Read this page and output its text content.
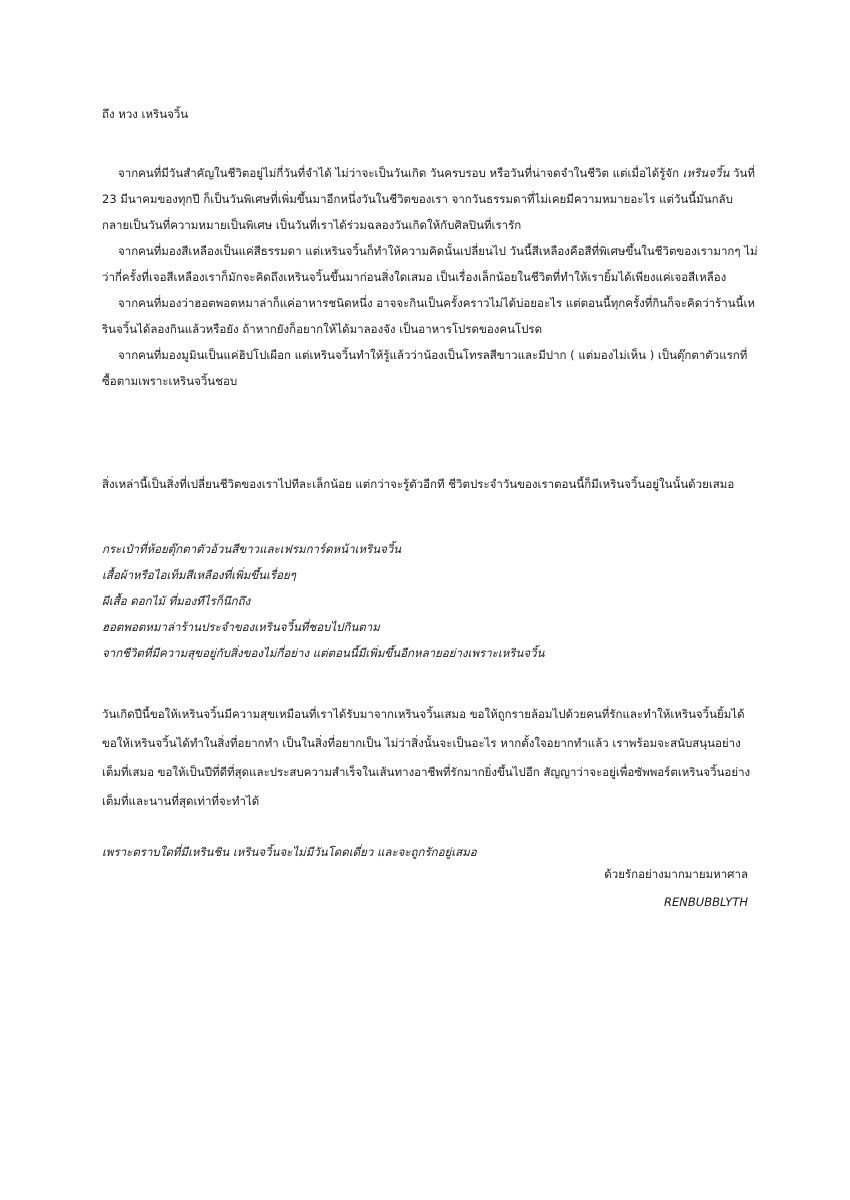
ถึง หวง เหรินจวิ้น

จากคนที่มีวันสำคัญในชีวิตอยู่ไม่กี่วันที่จำได้ ไม่ว่าจะเป็นวันเกิด วันครบรอบ หรือวันที่น่าจดจำในชีวิต แต่เมื่อได้รู้จัก เหรินจวิ้น วันที่ 23 มีนาคมของทุกปี ก็เป็นวันพิเศษที่เพิ่มขึ้นมาอีกหนึ่งวันในชีวิตของเรา จากวันธรรมดาที่ไม่เคยมีความหมายอะไร แต่วันนี้มันกลับกลายเป็นวันที่ความหมายเป็นพิเศษ เป็นวันที่เราได้ร่วมฉลองวันเกิดให้กับศิลปินที่เรารัก

จากคนที่มองสีเหลืองเป็นแค่สีธรรมดา แต่เหรินจวิ้นก็ทำให้ความคิดนั้นเปลี่ยนไป วันนี้สีเหลืองคือสีที่พิเศษขึ้นในชีวิตของเรามากๆ ไม่ว่ากี่ครั้งที่เจอสีเหลืองเราก็มักจะคิดถึงเหรินจวิ้นขึ้นมาก่อนสิ่งใดเสมอ เป็นเรื่องเล็กน้อยในชีวิตที่ทำให้เรายิ้มได้เพียงแค่เจอสีเหลือง

จากคนที่มองว่าฮอตพอตหมาล่าก็แค่อาหารชนิดหนึ่ง อาจจะกินเป็นครั้งคราวไม่ได้บ่อยอะไร แต่ตอนนี้ทุกครั้งที่กินก็จะคิดว่าร้านนี้เหรินจวิ้นได้ลองกินแล้วหรือยัง ถ้าหากยังก็อยากให้ได้มาลองจัง เป็นอาหารโปรดของคนโปรด

จากคนที่มองมูมินเป็นแค่ฮิปโปเผือก แต่เหรินจวิ้นทำให้รู้แล้วว่าน้องเป็นโทรลสีขาวและมีปาก ( แต่มองไม่เห็น ) เป็นตุ๊กตาตัวแรกที่ซื้อตามเพราะเหรินจวิ้นชอบ

สิ่งเหล่านี้เป็นสิ่งที่เปลี่ยนชีวิตของเราไปทีละเล็กน้อย แต่กว่าจะรู้ตัวอีกที ชีวิตประจำวันของเราตอนนี้ก็มีเหรินจวิ้นอยู่ในนั้นด้วยเสมอ

กระเป๋าที่ห้อยตุ๊กตาตัวอ้วนสีขาวและเฟรมการ์ดหน้าเหรินจวิ้น
เสื้อผ้าหรือไอเท็มสีเหลืองที่เพิ่มขึ้นเรื่อยๆ
ผีเสื้อ ดอกไม้ ที่มองทีไรก็นึกถึง
ฮอตพอตหมาล่าร้านประจำของเหรินจวิ้นที่ชอบไปกินตาม
จากชีวิตที่มีความสุขอยู่กับสิ่งของไม่กี่อย่าง แต่ตอนนี้มีเพิ่มขึ้นอีกหลายอย่างเพราะเหรินจวิ้น

วันเกิดปีนี้ขอให้เหรินจวิ้นมีความสุขเหมือนที่เราได้รับมาจากเหรินจวิ้นเสมอ ขอให้ถูกรายล้อมไปด้วยคนที่รักและทำให้เหรินจวิ้นยิ้มได้ ขอให้เหรินจวิ้นได้ทำในสิ่งที่อยากทำ เป็นในสิ่งที่อยากเป็น ไม่ว่าสิ่งนั้นจะเป็นอะไร หากตั้งใจอยากทำแล้ว เราพร้อมจะสนับสนุนอย่างเต็มที่เสมอ ขอให้เป็นปีที่ดีที่สุดและประสบความสำเร็จในเส้นทางอาชีพที่รักมากยิ่งขึ้นไปอีก สัญญาว่าจะอยู่เพื่อซัพพอร์ตเหรินจวิ้นอย่างเต็มที่และนานที่สุดเท่าที่จะทำได้

เพราะตราบใดที่มีเหรินชิน เหรินจวิ้นจะไม่มีวันโดดเดี่ยว และจะถูกรักอยู่เสมอ

ด้วยรักอย่างมากมายมหาศาล
RENBUBBLYTH
